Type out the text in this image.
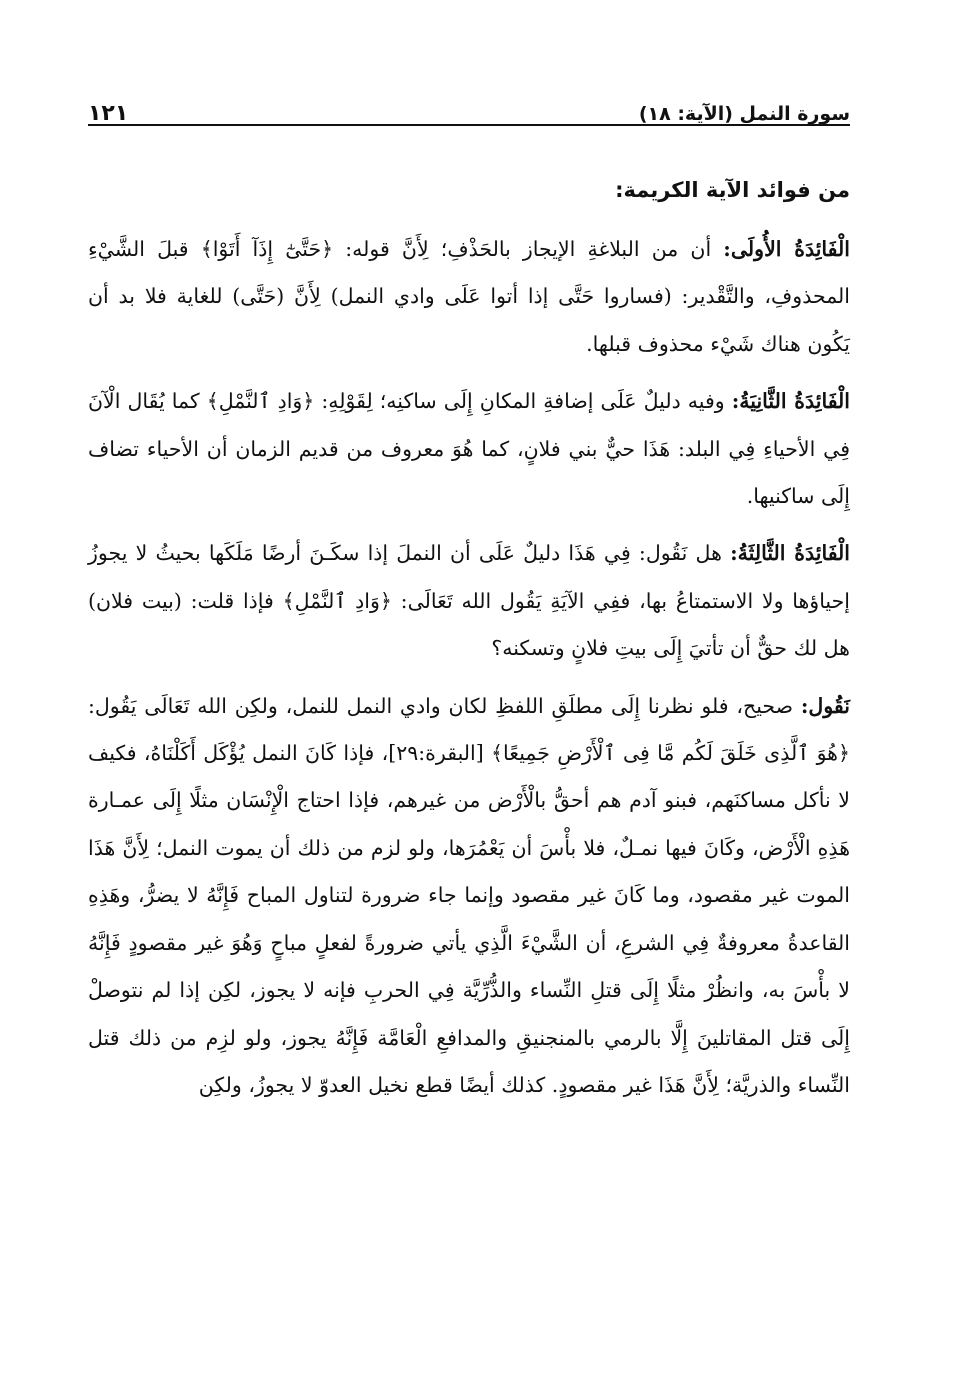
سورة النمل (الآية: ١٨)
١٢١
من فوائد الآية الكريمة:

الْفَائِدَةُ الأُولَى: أن من البلاغةِ الإيجاز بالحَذْفِ؛ لِأَنَّ قوله: ﴿حَتَّىٰٓ إِذَآ أَتَوْا﴾ قبلَ الشَّيْءِ المحذوفِ، والتَّقْدير: (فساروا حَتَّى إذا أتوا عَلَى وادي النمل) لِأَنَّ (حَتَّى) للغاية فلا بد أن يَكُون هناك شَيْء محذوف قبلها.

الْفَائِدَةُ الثَّانِيَةُ: وفيه دليلٌ عَلَى إضافةِ المكانِ إِلَى ساكنِه؛ لِقَوْلِهِ: ﴿وَادِ ٱلنَّمْلِ﴾ كما يُقَال الْآنَ فِي الأحياءِ فِي البلد: هَذَا حيٌّ بني فلانٍ، كما هُوَ معروف من قديم الزمان أن الأحياء تضاف إِلَى ساكنيها.

الْفَائِدَةُ الثَّالِثَةُ: هل نَقُول: فِي هَذَا دليلٌ عَلَى أن النملَ إذا سكَـنَ أرضًا مَلَكَها بحيثُ لا يجوزُ إحياؤها ولا الاستمتاعُ بها، ففِي الآيَةِ يَقُول الله تَعَالَى: ﴿وَادِ ٱلنَّمْلِ﴾ فإذا قلت: (بيت فلان) هل لك حقٌّ أن تأتيَ إِلَى بيتِ فلانٍ وتسكنه؟

نَقُول: صحيح، فلو نظرنا إِلَى مطلَقِ اللفظِ لكان وادي النمل للنمل، ولكِن الله تَعَالَى يَقُول: ﴿هُوَ ٱلَّذِى خَلَقَ لَكُم مَّا فِى ٱلْأَرْضِ جَمِيعًا﴾ [البقرة:٢٩]، فإذا كَانَ النمل يُؤْكَل أَكَلْنَاهُ، فكيف لا نأكل مساكنَهم، فبنو آدم هم أحقُّ بالْأَرْض من غيرهم، فإذا احتاج الْإِنْسَان مثلًا إِلَى عمـارة هَذِهِ الْأَرْض، وكَانَ فيها نمـلٌ، فلا بأْسَ أن يَعْمُرَها، ولو لزم من ذلك أن يموت النمل؛ لِأَنَّ هَذَا الموت غير مقصود، وما كَانَ غير مقصود وإنما جاء ضرورة لتناول المباح فَإِنَّهُ لا يضرُّ، وهَذِهِ القاعدةُ معروفةٌ فِي الشرعِ، أن الشَّيْءَ الَّذِي يأتي ضرورةً لفعلٍ مباحٍ وَهُوَ غير مقصودٍ فَإِنَّهُ لا بأْسَ به، وانظُرْ مثلًا إِلَى قتلِ النِّساء والذُّرِّيَّة فِي الحربِ فإنه لا يجوز، لكِن إذا لم نتوصلْ إِلَى قتل المقاتلينَ إِلَّا بالرمي بالمنجنيقِ والمدافعِ الْعَامَّة فَإِنَّهُ يجوز، ولو لزِم من ذلك قتل النِّساء والذريَّة؛ لِأَنَّ هَذَا غير مقصودٍ. كذلك أيضًا قطع نخيل العدوّ لا يجوزُ، ولكِن
